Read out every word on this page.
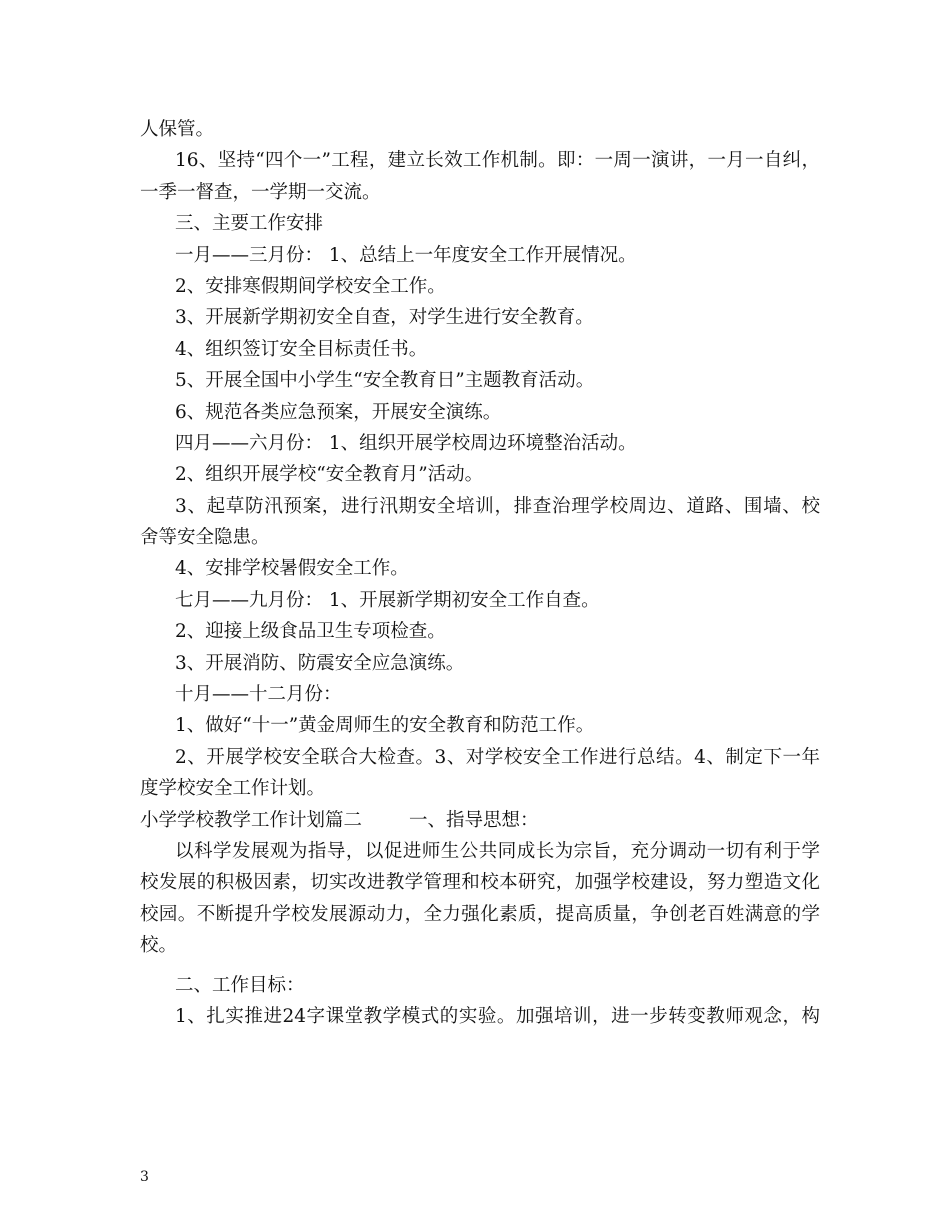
人保管。
16、坚持“四个一”工程，建立长效工作机制。即：一周一演讲，一月一自纠，
一季一督查，一学期一交流。
三、主要工作安排
一月——三月份： 1、总结上一年度安全工作开展情况。
2、安排寒假期间学校安全工作。
3、开展新学期初安全自查，对学生进行安全教育。
4、组织签订安全目标责任书。
5、开展全国中小学生“安全教育日”主题教育活动。
6、规范各类应急预案，开展安全演练。
四月——六月份： 1、组织开展学校周边环境整治活动。
2、组织开展学校“安全教育月”活动。
3、起草防汛预案，进行汛期安全培训，排查治理学校周边、道路、围墙、校
舍等安全隐患。
4、安排学校暑假安全工作。
七月——九月份： 1、开展新学期初安全工作自查。
2、迎接上级食品卫生专项检查。
3、开展消防、防震安全应急演练。
十月——十二月份：
1、做好“十一”黄金周师生的安全教育和防范工作。
2、开展学校安全联合大检查。3、对学校安全工作进行总结。4、制定下一年
度学校安全工作计划。
小学学校教学工作计划篇二        一、指导思想：
以科学发展观为指导，以促进师生公共同成长为宗旨，充分调动一切有利于学
校发展的积极因素，切实改进教学管理和校本研究，加强学校建设，努力塑造文化
校园。不断提升学校发展源动力，全力强化素质，提高质量，争创老百姓满意的学
校。
二、工作目标：
1、扎实推进24字课堂教学模式的实验。加强培训，进一步转变教师观念，构
3
